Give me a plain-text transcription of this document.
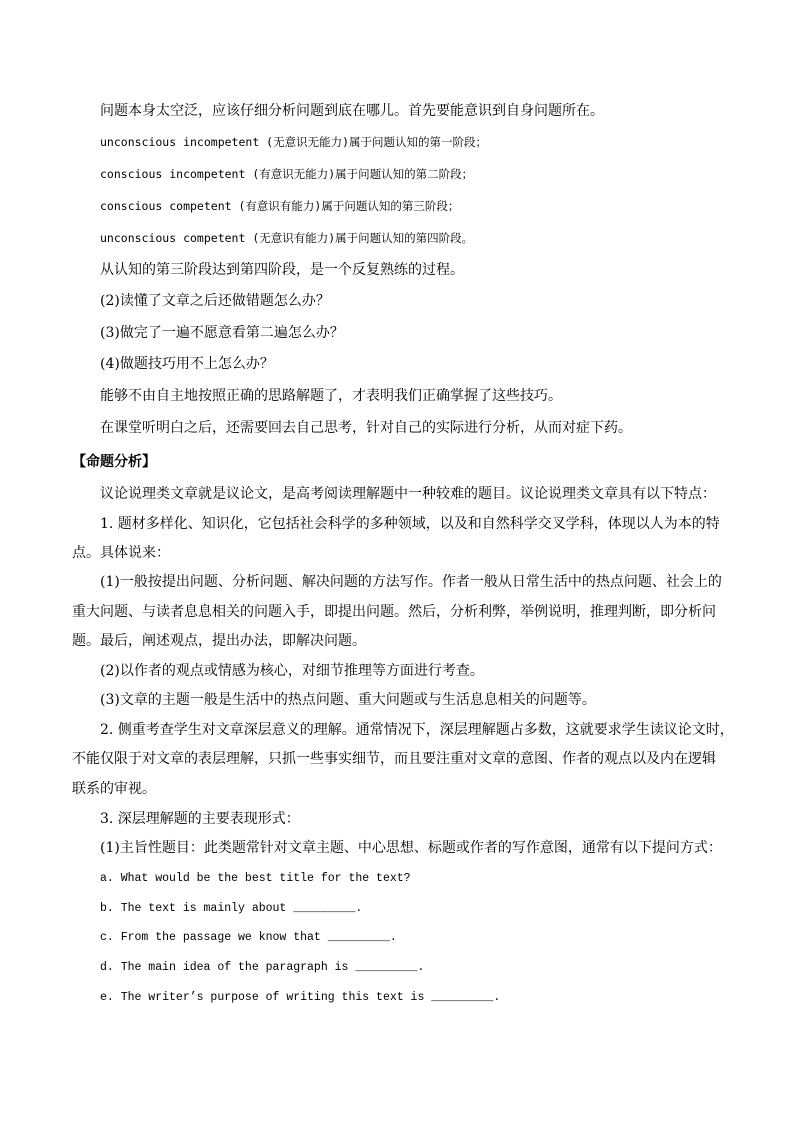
问题本身太空泛，应该仔细分析问题到底在哪儿。首先要能意识到自身问题所在。
unconscious incompetent (无意识无能力)属于问题认知的第一阶段；
conscious incompetent (有意识无能力)属于问题认知的第二阶段；
conscious competent (有意识有能力)属于问题认知的第三阶段；
unconscious competent (无意识有能力)属于问题认知的第四阶段。
从认知的第三阶段达到第四阶段，是一个反复熟练的过程。
(2)读懂了文章之后还做错题怎么办？
(3)做完了一遍不愿意看第二遍怎么办？
(4)做题技巧用不上怎么办？
能够不由自主地按照正确的思路解题了，才表明我们正确掌握了这些技巧。
在课堂听明白之后，还需要回去自己思考，针对自己的实际进行分析，从而对症下药。
【命题分析】
议论说理类文章就是议论文，是高考阅读理解题中一种较难的题目。议论说理类文章具有以下特点：
1. 题材多样化、知识化，它包括社会科学的多种领域，以及和自然科学交叉学科，体现以人为本的特
点。具体说来：
(1)一般按提出问题、分析问题、解决问题的方法写作。作者一般从日常生活中的热点问题、社会上的
重大问题、与读者息息相关的问题入手，即提出问题。然后，分析利弊，举例说明，推理判断，即分析问
题。最后，阐述观点，提出办法，即解决问题。
(2)以作者的观点或情感为核心，对细节推理等方面进行考查。
(3)文章的主题一般是生活中的热点问题、重大问题或与生活息息相关的问题等。
2. 侧重考查学生对文章深层意义的理解。通常情况下，深层理解题占多数，这就要求学生读议论文时，
不能仅限于对文章的表层理解，只抓一些事实细节，而且要注重对文章的意图、作者的观点以及内在逻辑
联系的审视。
3. 深层理解题的主要表现形式：
(1)主旨性题目：此类题常针对文章主题、中心思想、标题或作者的写作意图，通常有以下提问方式：
a. What would be the best title for the text?
b. The text is mainly about _________.
c. From the passage we know that _________.
d. The main idea of the paragraph is _________.
e. The writer’s purpose of writing this text is _________.
